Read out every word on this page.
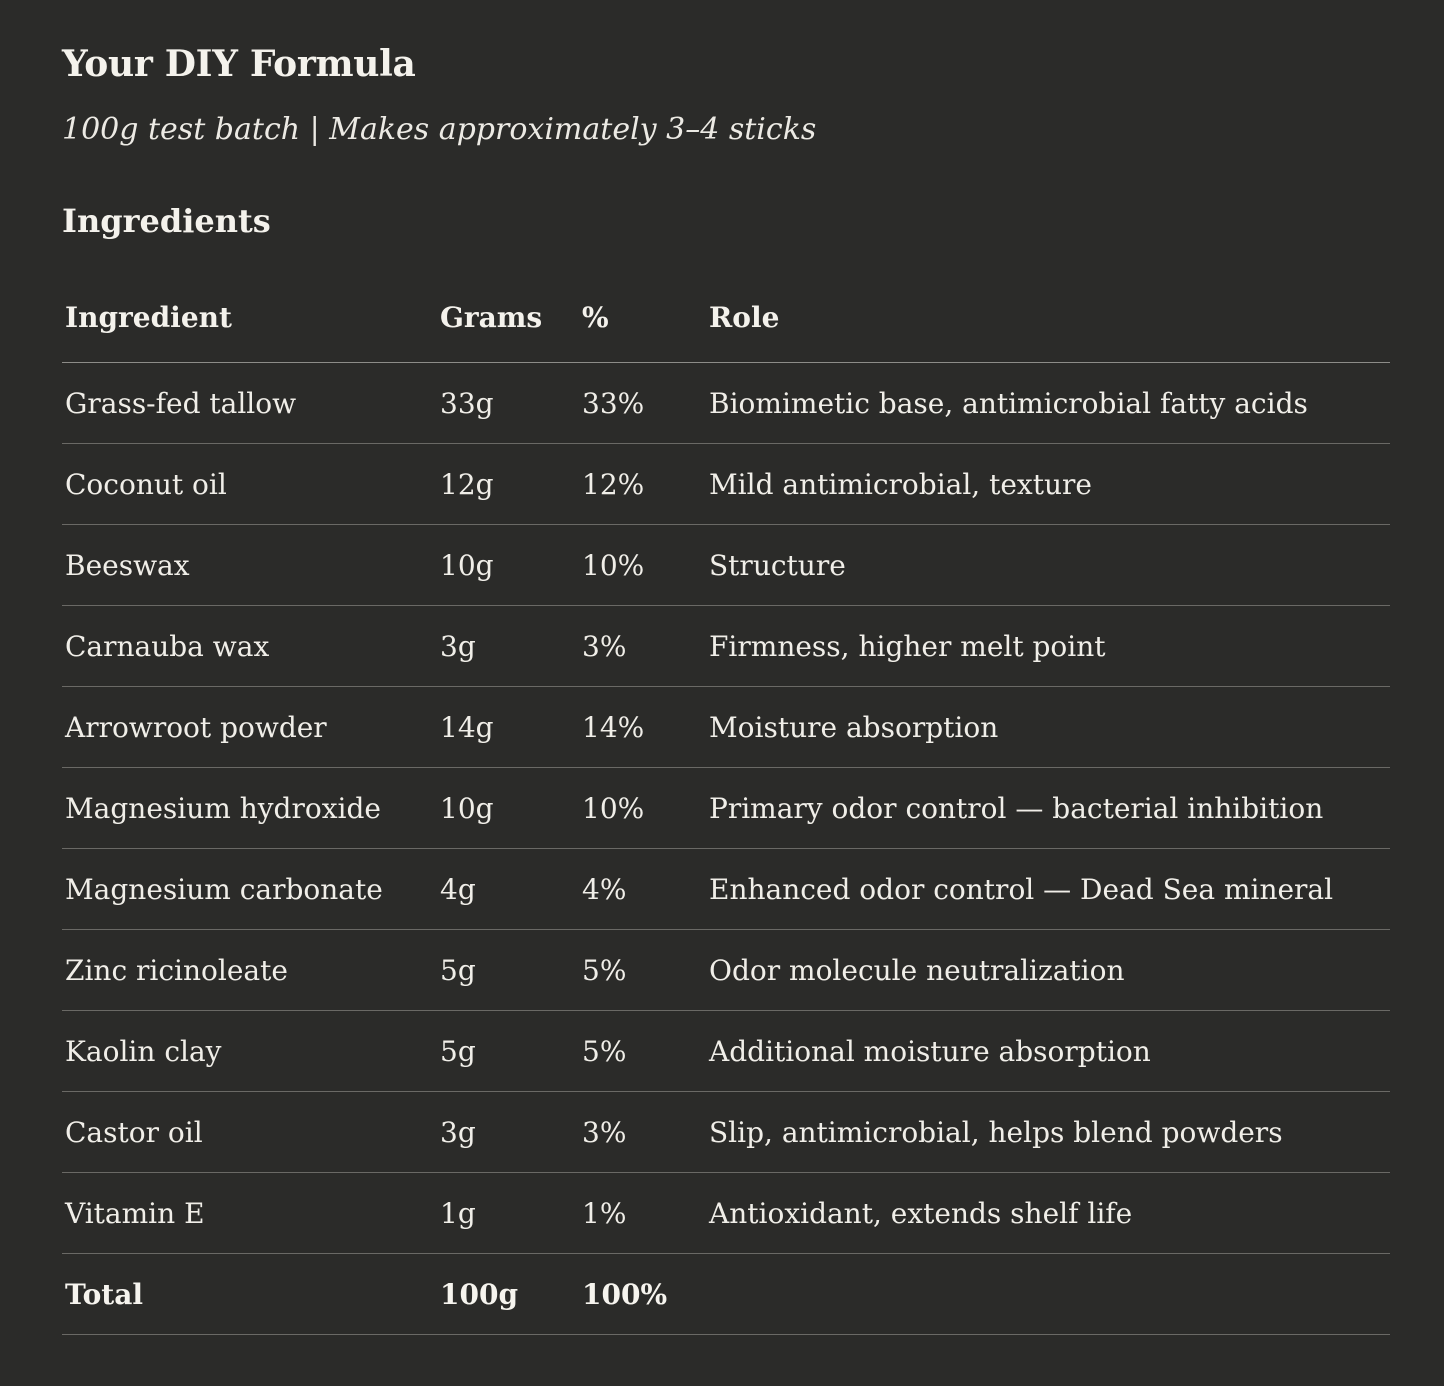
Your DIY Formula
100g test batch | Makes approximately 3–4 sticks
Ingredients
Ingredient	Grams	%	Role
Grass-fed tallow	33g	33%	Biomimetic base, antimicrobial fatty acids
Coconut oil	12g	12%	Mild antimicrobial, texture
Beeswax	10g	10%	Structure
Carnauba wax	3g	3%	Firmness, higher melt point
Arrowroot powder	14g	14%	Moisture absorption
Magnesium hydroxide	10g	10%	Primary odor control — bacterial inhibition
Magnesium carbonate	4g	4%	Enhanced odor control — Dead Sea mineral
Zinc ricinoleate	5g	5%	Odor molecule neutralization
Kaolin clay	5g	5%	Additional moisture absorption
Castor oil	3g	3%	Slip, antimicrobial, helps blend powders
Vitamin E	1g	1%	Antioxidant, extends shelf life
Total	100g	100%	
